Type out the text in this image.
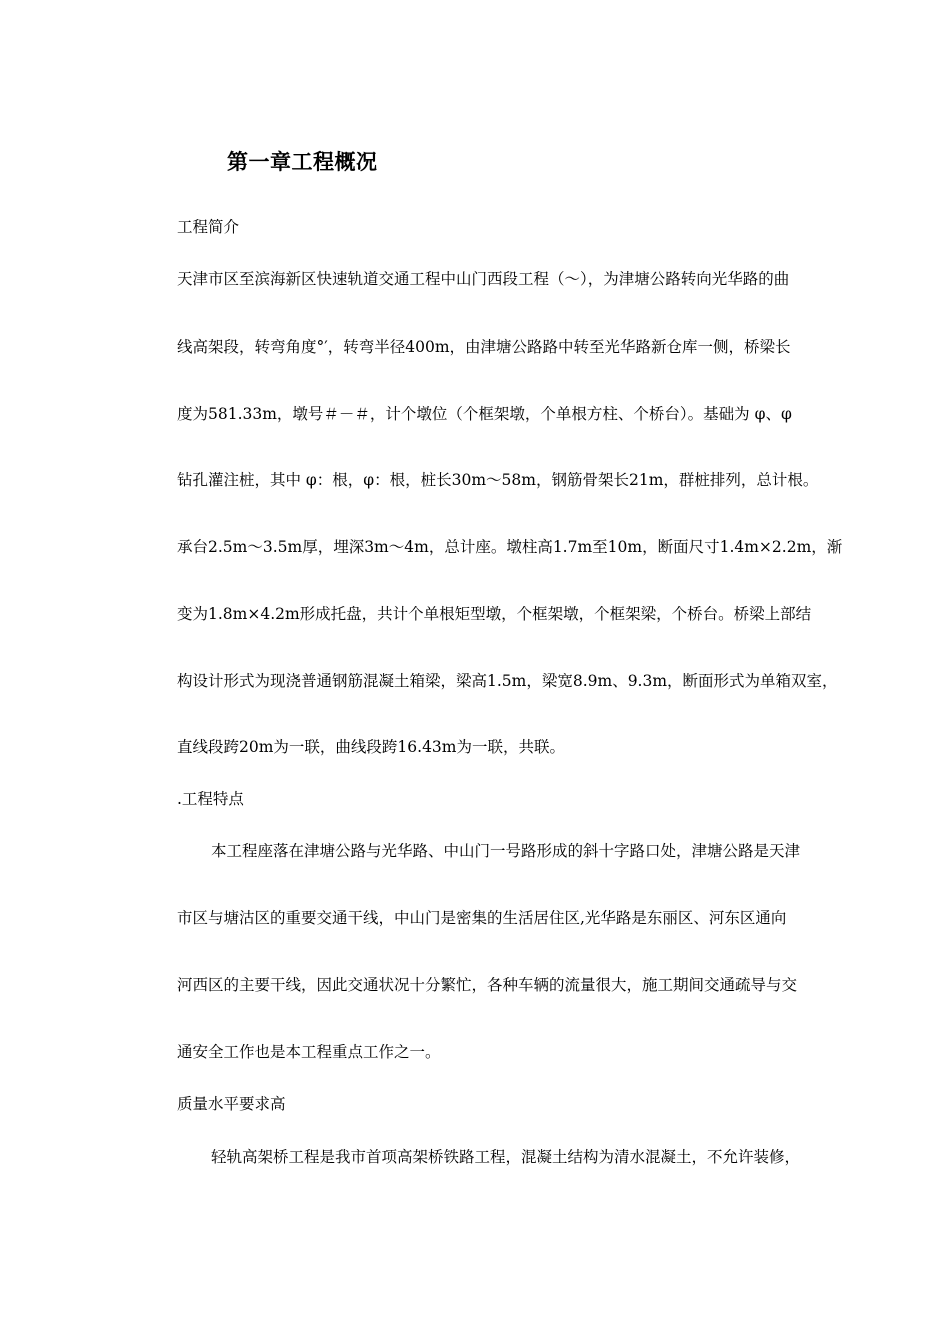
第一章工程概况
工程简介
天津市区至滨海新区快速轨道交通工程中山门西段工程（～），为津塘公路转向光华路的曲
线高架段，转弯角度°′，转弯半径400m，由津塘公路路中转至光华路新仓库一侧，桥梁长
度为581.33m，墩号＃－＃，计个墩位（个框架墩，个单根方柱、个桥台）。基础为 φ、φ
钻孔灌注桩，其中 φ：根，φ：根，桩长30m～58m，钢筋骨架长21m，群桩排列，总计根。
承台2.5m～3.5m厚，埋深3m～4m，总计座。墩柱高1.7m至10m，断面尺寸1.4m×2.2m，渐
变为1.8m×4.2m形成托盘，共计个单根矩型墩，个框架墩，个框架梁，个桥台。桥梁上部结
构设计形式为现浇普通钢筋混凝土箱梁，梁高1.5m，梁宽8.9m、9.3m，断面形式为单箱双室，
直线段跨20m为一联，曲线段跨16.43m为一联，共联。
.工程特点
本工程座落在津塘公路与光华路、中山门一号路形成的斜十字路口处，津塘公路是天津
市区与塘沽区的重要交通干线，中山门是密集的生活居住区,光华路是东丽区、河东区通向
河西区的主要干线，因此交通状况十分繁忙，各种车辆的流量很大，施工期间交通疏导与交
通安全工作也是本工程重点工作之一。
质量水平要求高
轻轨高架桥工程是我市首项高架桥铁路工程，混凝土结构为清水混凝土，不允许装修，
